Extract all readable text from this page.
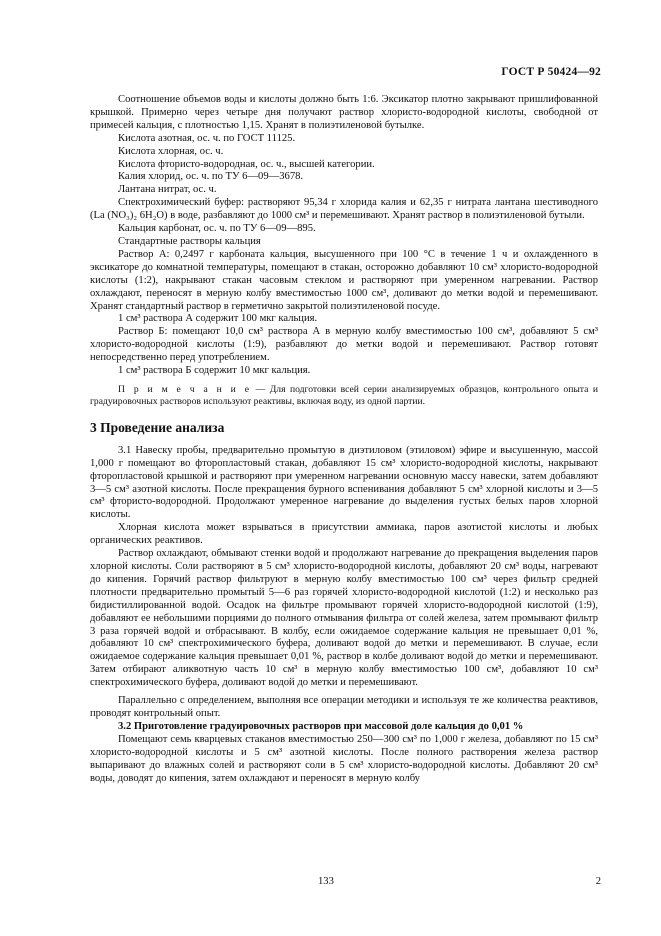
ГОСТ Р 50424—92

Соотношение объемов воды и кислоты должно быть 1:6. Эксикатор плотно закрывают пришлифованной крышкой. Примерно через четыре дня получают раствор хлористо-водородной кислоты, свободной от примесей кальция, с плотностью 1,15. Хранят в полиэтиленовой бутылке.

Кислота азотная, ос. ч. по ГОСТ 11125.

Кислота хлорная, ос. ч.

Кислота фтористо-водородная, ос. ч., высшей категории.

Калия хлорид, ос. ч. по ТУ 6—09—3678.

Лантана нитрат, ос. ч.

Спектрохимический буфер: растворяют 95,34 г хлорида калия и 62,35 г нитрата лантана шестиводного (La (NO₃)₂ 6H₂O) в воде, разбавляют до 1000 см³ и перемешивают. Хранят раствор в полиэтиленовой бутыли.

Кальция карбонат, ос. ч. по ТУ 6—09—895.

Стандартные растворы кальция

Раствор А: 0,2497 г карбоната кальция, высушенного при 100 °С в течение 1 ч и охлажденного в эксикаторе до комнатной температуры, помещают в стакан, осторожно добавляют 10 см³ хлористо-водородной кислоты (1:2), накрывают стакан часовым стеклом и растворяют при умеренном нагревании. Раствор охлаждают, переносят в мерную колбу вместимостью 1000 см³, доливают до метки водой и перемешивают. Хранят стандартный раствор в герметично закрытой полиэтиленовой посуде.

1 см³ раствора А содержит 100 мкг кальция.

Раствор Б: помещают 10,0 см³ раствора А в мерную колбу вместимостью 100 см³, добавляют 5 см³ хлористо-водородной кислоты (1:9), разбавляют до метки водой и перемешивают. Раствор готовят непосредственно перед употреблением.

1 см³ раствора Б содержит 10 мкг кальция.

П р и м е ч а н и е — Для подготовки всей серии анализируемых образцов, контрольного опыта и градуировочных растворов используют реактивы, включая воду, из одной партии.

3 Проведение анализа

3.1 Навеску пробы, предварительно промытую в диэтиловом (этиловом) эфире и высушенную, массой 1,000 г помещают во фторопластовый стакан, добавляют 15 см³ хлористо-водородной кислоты, накрывают фторопластовой крышкой и растворяют при умеренном нагревании основную массу навески, затем добавляют 3—5 см³ азотной кислоты. После прекращения бурного вспенивания добавляют 5 см³ хлорной кислоты и 3—5 см³ фтористо-водородной. Продолжают умеренное нагревание до выделения густых белых паров хлорной кислоты.

Хлорная кислота может взрываться в присутствии аммиака, паров азотистой кислоты и любых органических реактивов.

Раствор охлаждают, обмывают стенки водой и продолжают нагревание до прекращения выделения паров хлорной кислоты. Соли растворяют в 5 см³ хлористо-водородной кислоты, добавляют 20 см³ воды, нагревают до кипения. Горячий раствор фильтруют в мерную колбу вместимостью 100 см³ через фильтр средней плотности предварительно промытый 5—6 раз горячей хлористо-водородной кислотой (1:2) и несколько раз бидистиллированной водой. Осадок на фильтре промывают горячей хлористо-водородной кислотой (1:9), добавляют ее небольшими порциями до полного отмывания фильтра от солей железа, затем промывают фильтр 3 раза горячей водой и отбрасывают. В колбу, если ожидаемое содержание кальция не превышает 0,01 %, добавляют 10 см³ спектрохимического буфера, доливают водой до метки и перемешивают. В случае, если ожидаемое содержание кальция превышает 0,01 %, раствор в колбе доливают водой до метки и перемешивают. Затем отбирают аликвотную часть 10 см³ в мерную колбу вместимостью 100 см³, добавляют 10 см³ спектрохимического буфера, доливают водой до метки и перемешивают.

Параллельно с определением, выполняя все операции методики и используя те же количества реактивов, проводят контрольный опыт.

3.2 Приготовление градуировочных растворов при массовой доле кальция до 0,01 %

Помещают семь кварцевых стаканов вместимостью 250—300 см³ по 1,000 г железа, добавляют по 15 см³ хлористо-водородной кислоты и 5 см³ азотной кислоты. После полного растворения железа раствор выпаривают до влажных солей и растворяют соли в 5 см³ хлористо-водородной кислоты. Добавляют 20 см³ воды, доводят до кипения, затем охлаждают и переносят в мерную колбу

133	2
